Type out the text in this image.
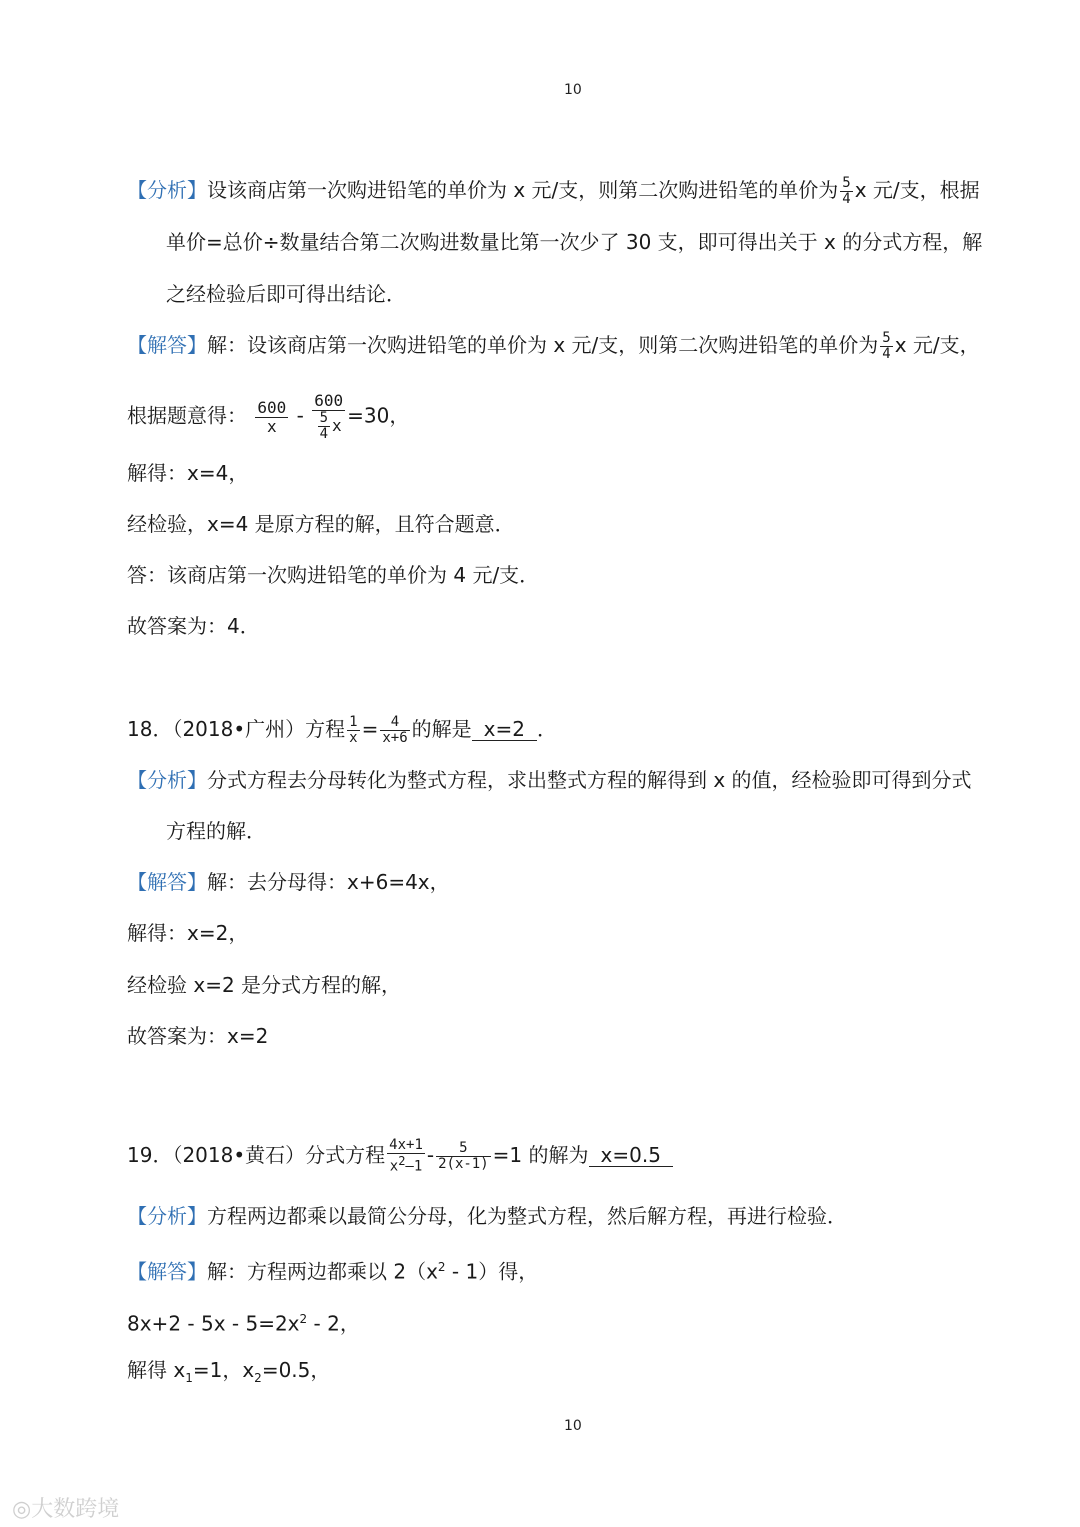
10
【分析】设该商店第一次购进铅笔的单价为 x 元/支，则第二次购进铅笔的单价为 $\frac{5}{4}$ x 元/支，根据
单价=总价÷数量结合第二次购进数量比第一次少了 30 支，即可得出关于 x 的分式方程，解
之经检验后即可得出结论．
【解答】解：设该商店第一次购进铅笔的单价为 x 元/支，则第二次购进铅笔的单价为 $\frac{5}{4}$ x 元/支，
根据题意得： $\frac{600}{x} - \frac{600}{\frac{5}{4} x} =30$，
解得：x=4，
经检验，x=4 是原方程的解，且符合题意．
答：该商店第一次购进铅笔的单价为 4 元/支．
故答案为：4．
18．（2018•广州）方程 $\frac{1}{x} = \frac{4}{x+6}$ 的解是 x=2 ．
【分析】分式方程去分母转化为整式方程，求出整式方程的解得到 x 的值，经检验即可得到分式
方程的解．
【解答】解：去分母得：x+6=4x，
解得：x=2，
经检验 x=2 是分式方程的解，
故答案为：x=2
19．（2018•黄石）分式方程 $\frac{4x+1}{x^2-1} - \frac{5}{2(x-1)} =1$ 的解为 x=0.5
【分析】方程两边都乘以最简公分母，化为整式方程，然后解方程，再进行检验．
【解答】解：方程两边都乘以 $2(x^2 - 1)$得，
$8x+2 - 5x - 5=2x^2 - 2$，
解得 $x_1=1$，$x_2=0.5$，
10
◎大数跨境
